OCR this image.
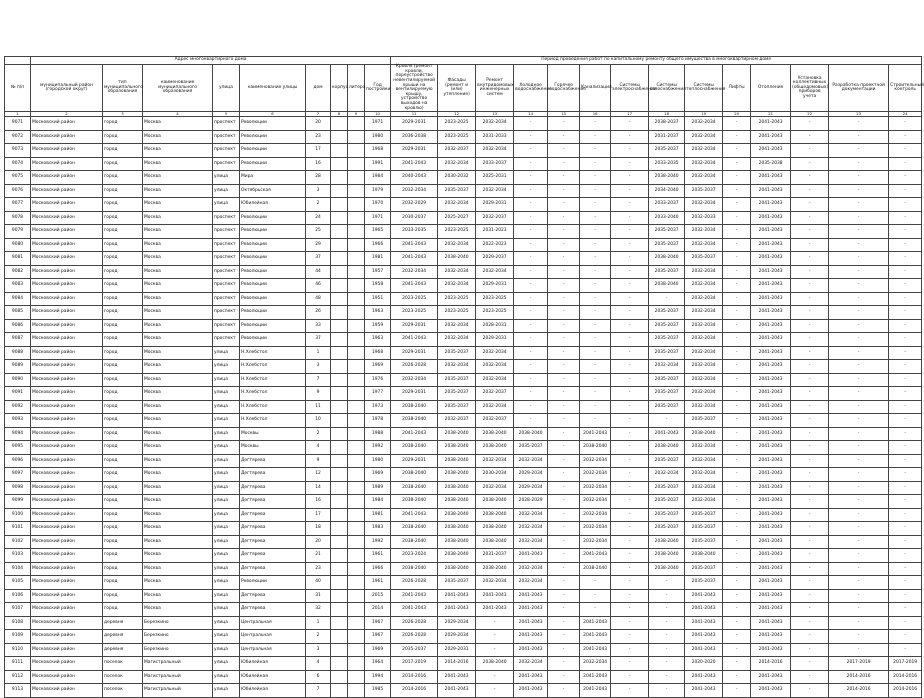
	Адрес многоквартирного дома									Период проведения работ по капитальному ремонту общего имущества в многоквартирном доме													
№ п/п	муниципальный район (городской округ)	тип муниципального образования	наименование муниципального образования	улица	наименование улицы	дом	корпус	литера	Год постройки	Кровля (ремонт кровли, переустройство невентилируемой крыши на вентилируемую крышу, устройство выходов на кровлю)	Фасады (ремонт и (или) утепление)	Ремонт внутридомовых инженерных систем	Холодное водоснабжение	Горячее водоснабжение	Канализация	Системы электроснабжения	Системы газоснабжения	Системы теплоснабжения	Лифты	Отопление	Установка коллективных (общедомовых) приборов учета	Разработка проектной документации	Строительный контроль
1	2	3	4	5	6	7	8	9	10	11	12	13	14	15	16	17	18	19	20	21	22	23	24
9071	Московский район	город	Москва	проспект	Революции	20			1971	2029-2031	2023-2025	2032-2034	-	-	-	-	2038-2037	2032-2034	-	2041-2043	-	-	-
9072	Московский район	город	Москва	проспект	Революции	23			1980	2036-2038	2023-2025	2031-2033	-	-	-	-	2031-2037	2032-2034	-	2041-2043	-	-	-
9073	Московский район	город	Москва	проспект	Революции	17			1968	2029-2031	2032-2037	2032-2034	-	-	-	-	2035-2037	2032-2034	-	2041-2043	-	-	-
9074	Московский район	город	Москва	проспект	Революции	16			1991	2041-2043	2032-2034	2033-2037	-	-	-	-	2033-2035	2032-2034	-	2035-2038	-	-	-
9075	Московский район	город	Москва	улица	Мира	28			1984	2040-2043	2030-2032	2025-2031	-	-	-	-	2038-2040	2032-2034	-	2041-2043	-	-	-
9076	Московский район	город	Москва	улица	Октябрьская	3			1979	2032-2034	2035-2037	2032-2034	-	-	-	-	2034-2040	2035-2037	-	2041-2043	-	-	-
9077	Московский район	город	Москва	улица	Юбилейная	2			1970	2032-2029	2032-2034	2029-2031	-	-	-	-	2033-2037	2032-2034	-	2041-2043	-	-	-
9078	Московский район	город	Москва	проспект	Революции	24			1971	2030-2037	2025-2027	2032-2037	-	-	-	-	2033-2040	2032-2033	-	2041-2043	-	-	-
9079	Московский район	город	Москва	проспект	Революции	25			1965	2033-2035	2023-2025	2031-2023	-	-	-	-	2035-2037	2032-2034	-	2041-2043	-	-	-
9080	Московский район	город	Москва	проспект	Революции	29			1966	2041-2043	2032-2034	2022-2023	-	-	-	-	2035-2037	2032-2034	-	2041-2043	-	-	-
9081	Московский район	город	Москва	проспект	Революции	37			1981	2041-2043	2038-2040	2029-2037	-	-	-	-	2038-2040	2035-2037	-	2041-2043	-	-	-
9082	Московский район	город	Москва	проспект	Революции	44			1957	2032-2034	2032-2034	2032-2034	-	-	-	-	2035-2037	2032-2034	-	2041-2043	-	-	-
9083	Московский район	город	Москва	проспект	Революции	46			1958	2041-2043	2032-2034	2029-2031	-	-	-	-	2038-2040	2032-2034	-	2041-2043	-	-	-
9084	Московский район	город	Москва	проспект	Революции	48			1951	2023-2025	2023-2025	2023-2025	-	-	-	-	-	2032-2034	-	2041-2043	-	-	-
9085	Московский район	город	Москва	проспект	Революции	26			1963	2023-2025	2023-2025	2023-2025	-	-	-	-	2035-2037	2032-2034	-	2041-2043	-	-	-
9086	Московский район	город	Москва	проспект	Революции	33			1959	2029-2031	2032-2034	2028-2031	-	-	-	-	2035-2037	2032-2034	-	2041-2043	-	-	-
9087	Московский район	город	Москва	проспект	Революции	37			1963	2041-2043	2032-2034	2029-2031	-	-	-	-	2035-2037	2032-2034	-	2041-2043	-	-	-
9088	Московский район	город	Москва	улица	Н.Хлебстол	1			1968	2029-2031	2035-2037	2032-2034	-	-	-	-	2035-2037	2032-2034	-	2041-2043	-	-	-
9089	Московский район	город	Москва	улица	Н.Хлебстол	3			1969	2026-2028	2032-2034	2032-2034	-	-	-	-	2032-2034	2032-2034	-	2041-2043	-	-	-
9090	Московский район	город	Москва	улица	Н.Хлебстол	7			1976	2032-2034	2035-2037	2032-2034	-	-	-	-	2035-2037	2032-2034	-	2041-2043	-	-	-
9091	Московский район	город	Москва	улица	Н.Хлебстол	9			1977	2029-2031	2035-2037	2032-2037	-	-	-	-	2035-2037	2032-2034	-	2041-2043	-	-	-
9092	Московский район	город	Москва	улица	Н.Хлебстол	11			1973	2038-2040	2035-2037	2032-2034	-	-	-	-	2035-2037	2032-2034	-	2041-2043	-	-	-
9093	Московский район	город	Москва	улица	Н.Хлебстол	10			1978	2038-2040	2032-2037	2032-2037	-	-	-	-	-	2035-2037	-	2041-2043	-	-	-
9094	Московский район	город	Москва	улица	Москвы	2			1988	2041-2043	2038-2040	2038-2040	2038-2040	-	2041-2043	-	2041-2043	2038-2040	-	2041-2043	-	-	-
9095	Московский район	город	Москва	улица	Москвы	4			1992	2038-2040	2038-2040	2038-2040	2035-2037	-	2038-2040	-	2038-2040	2032-2034	-	2041-2043	-	-	-
9096	Московский район	город	Москва	улица	Дегтярева	9			1980	2029-2031	2038-2040	2032-2034	2032-2034	-	2032-2034	-	2035-2037	2032-2034	-	2041-2043	-	-	-
9097	Московский район	город	Москва	улица	Дегтярева	12			1969	2038-2040	2038-2040	2030-2034	2029-2034	-	2032-2034	-	2032-2034	2032-2034	-	2041-2043	-	-	-
9098	Московский район	город	Москва	улица	Дегтярева	14			1989	2038-2040	2038-2040	2032-2034	2029-2034	-	2032-2034	-	2035-2037	2032-2034	-	2041-2043	-	-	-
9099	Московский район	город	Москва	улица	Дегтярева	16			1984	2038-2040	2038-2040	2038-2040	2028-2029	-	2032-2034	-	2035-2037	2032-2034	-	2041-2043	-	-	-
9100	Московский район	город	Москва	улица	Дегтярева	17			1981	2041-2043	2038-2040	2038-2040	2032-2034	-	2032-2034	-	2035-2037	2035-2037	-	2041-2043	-	-	-
9101	Московский район	город	Москва	улица	Дегтярева	18			1983	2038-2040	2038-2040	2038-2040	2032-2034	-	2032-2034	-	2035-2037	2035-2037	-	2041-2043	-	-	-
9102	Московский район	город	Москва	улица	Дегтярева	20			1992	2038-2040	2038-2040	2038-2040	2032-2034	-	2032-2034	-	2038-2040	2035-2037	-	2041-2043	-	-	-
9103	Московский район	город	Москва	улица	Дегтярева	21			1961	2023-2024	2038-2040	2031-2037	2041-2043	-	2041-2043	-	2038-2040	2038-2040	-	2041-2043	-	-	-
9104	Московский район	город	Москва	улица	Дегтярева	23			1966	2038-2040	2038-2040	2038-2040	2032-2034	-	2038-2040	-	2038-2040	2035-2037	-	2041-2043	-	-	-
9105	Московский район	город	Москва	улица	Революции	40			1961	2026-2028	2035-2037	2032-2034	2032-2034	-	-	-	-	2035-2037	-	2041-2043	-	-	-
9106	Московский район	город	Москва	улица	Дегтярева	31			2015	2041-2043	2041-2043	2041-2043	2041-2043	-	-	-	-	2041-2043	-	2041-2043	-	-	-
9107	Московский район	город	Москва	улица	Дегтярева	32			2014	2041-2043	2041-2043	2041-2043	2041-2043	-	-	-	-	2041-2043	-	2041-2043	-	-	-
9108	Московский район	деревня	Березкино	улица	Центральная	1			1967	2026-2028	2029-2034	-	2041-2043	-	2041-2043	-	-	2041-2043	-	2041-2043	-	-	-
9109	Московский район	деревня	Березкино	улица	Центральная	2			1967	2026-2028	2029-2034	-	2041-2043	-	2041-2043	-	-	2041-2043	-	2041-2043	-	-	-
9110	Московский район	деревня	Березкино	улица	Центральная	3			1969	2035-2037	2029-2031	-	2041-2043	-	2041-2043	-	-	2041-2043	-	2041-2043	-	-	-
9111	Московский район	поселок	Магистральный	улица	Юбилейная	4			1964	2017-2019	2014-2016	2038-2040	2032-2034	-	2032-2034	-	-	2020-2020	-	2014-2016	-	2017-2019	2017-2019
9112	Московский район	поселок	Магистральный	улица	Юбилейная	6			1994	2014-2016	2041-2043	-	2041-2043	-	2041-2043	-	-	2041-2043	-	2041-2043	-	2014-2016	2014-2016
9113	Московский район	поселок	Магистральный	улица	Юбилейная	7			1985	2014-2016	2041-2043	-	2041-2043	-	2041-2043	-	-	2041-2043	-	2041-2043	-	2014-2016	2014-2016
